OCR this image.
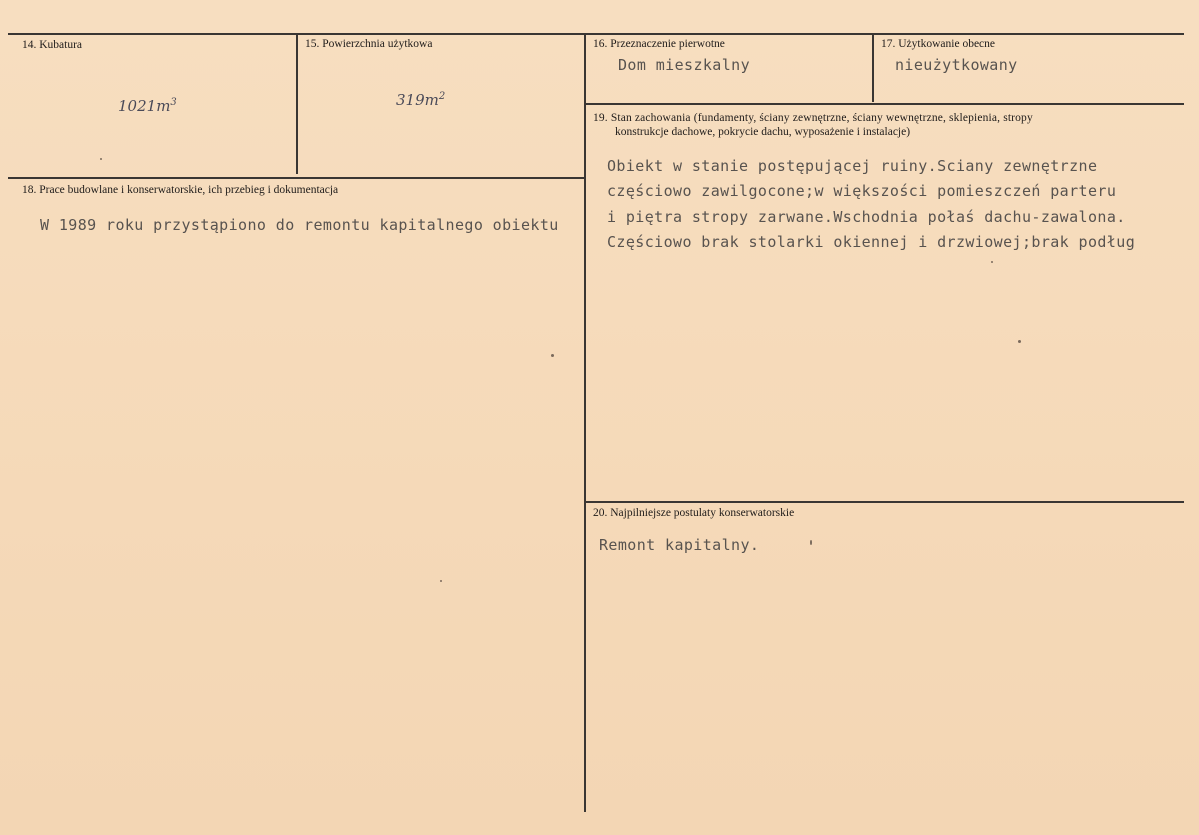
14. Kubatura
$1021m^3$
15. Powierzchnia użytkowa
$319m^2$
16. Przeznaczenie pierwotne
Dom mieszkalny
17. Użytkowanie obecne
nieużytkowany
18. Prace budowlane i konserwatorskie, ich przebieg i dokumentacja
W 1989 roku przystąpiono do remontu kapitalnego obiektu
19. Stan zachowania (fundamenty, ściany zewnętrzne, ściany wewnętrzne, sklepienia, stropy
konstrukcje dachowe, pokrycie dachu, wyposażenie i instalacje)
Obiekt w stanie postępującej ruiny.Sciany zewnętrzne
częściowo zawilgocone;w większości pomieszczeń parteru
i piętra stropy zarwane.Wschodnia połaś dachu-zawalona.
Częściowo brak stolarki okiennej i drzwiowej;brak podług
20. Najpilniejsze postulaty konserwatorskie
Remont kapitalny.
